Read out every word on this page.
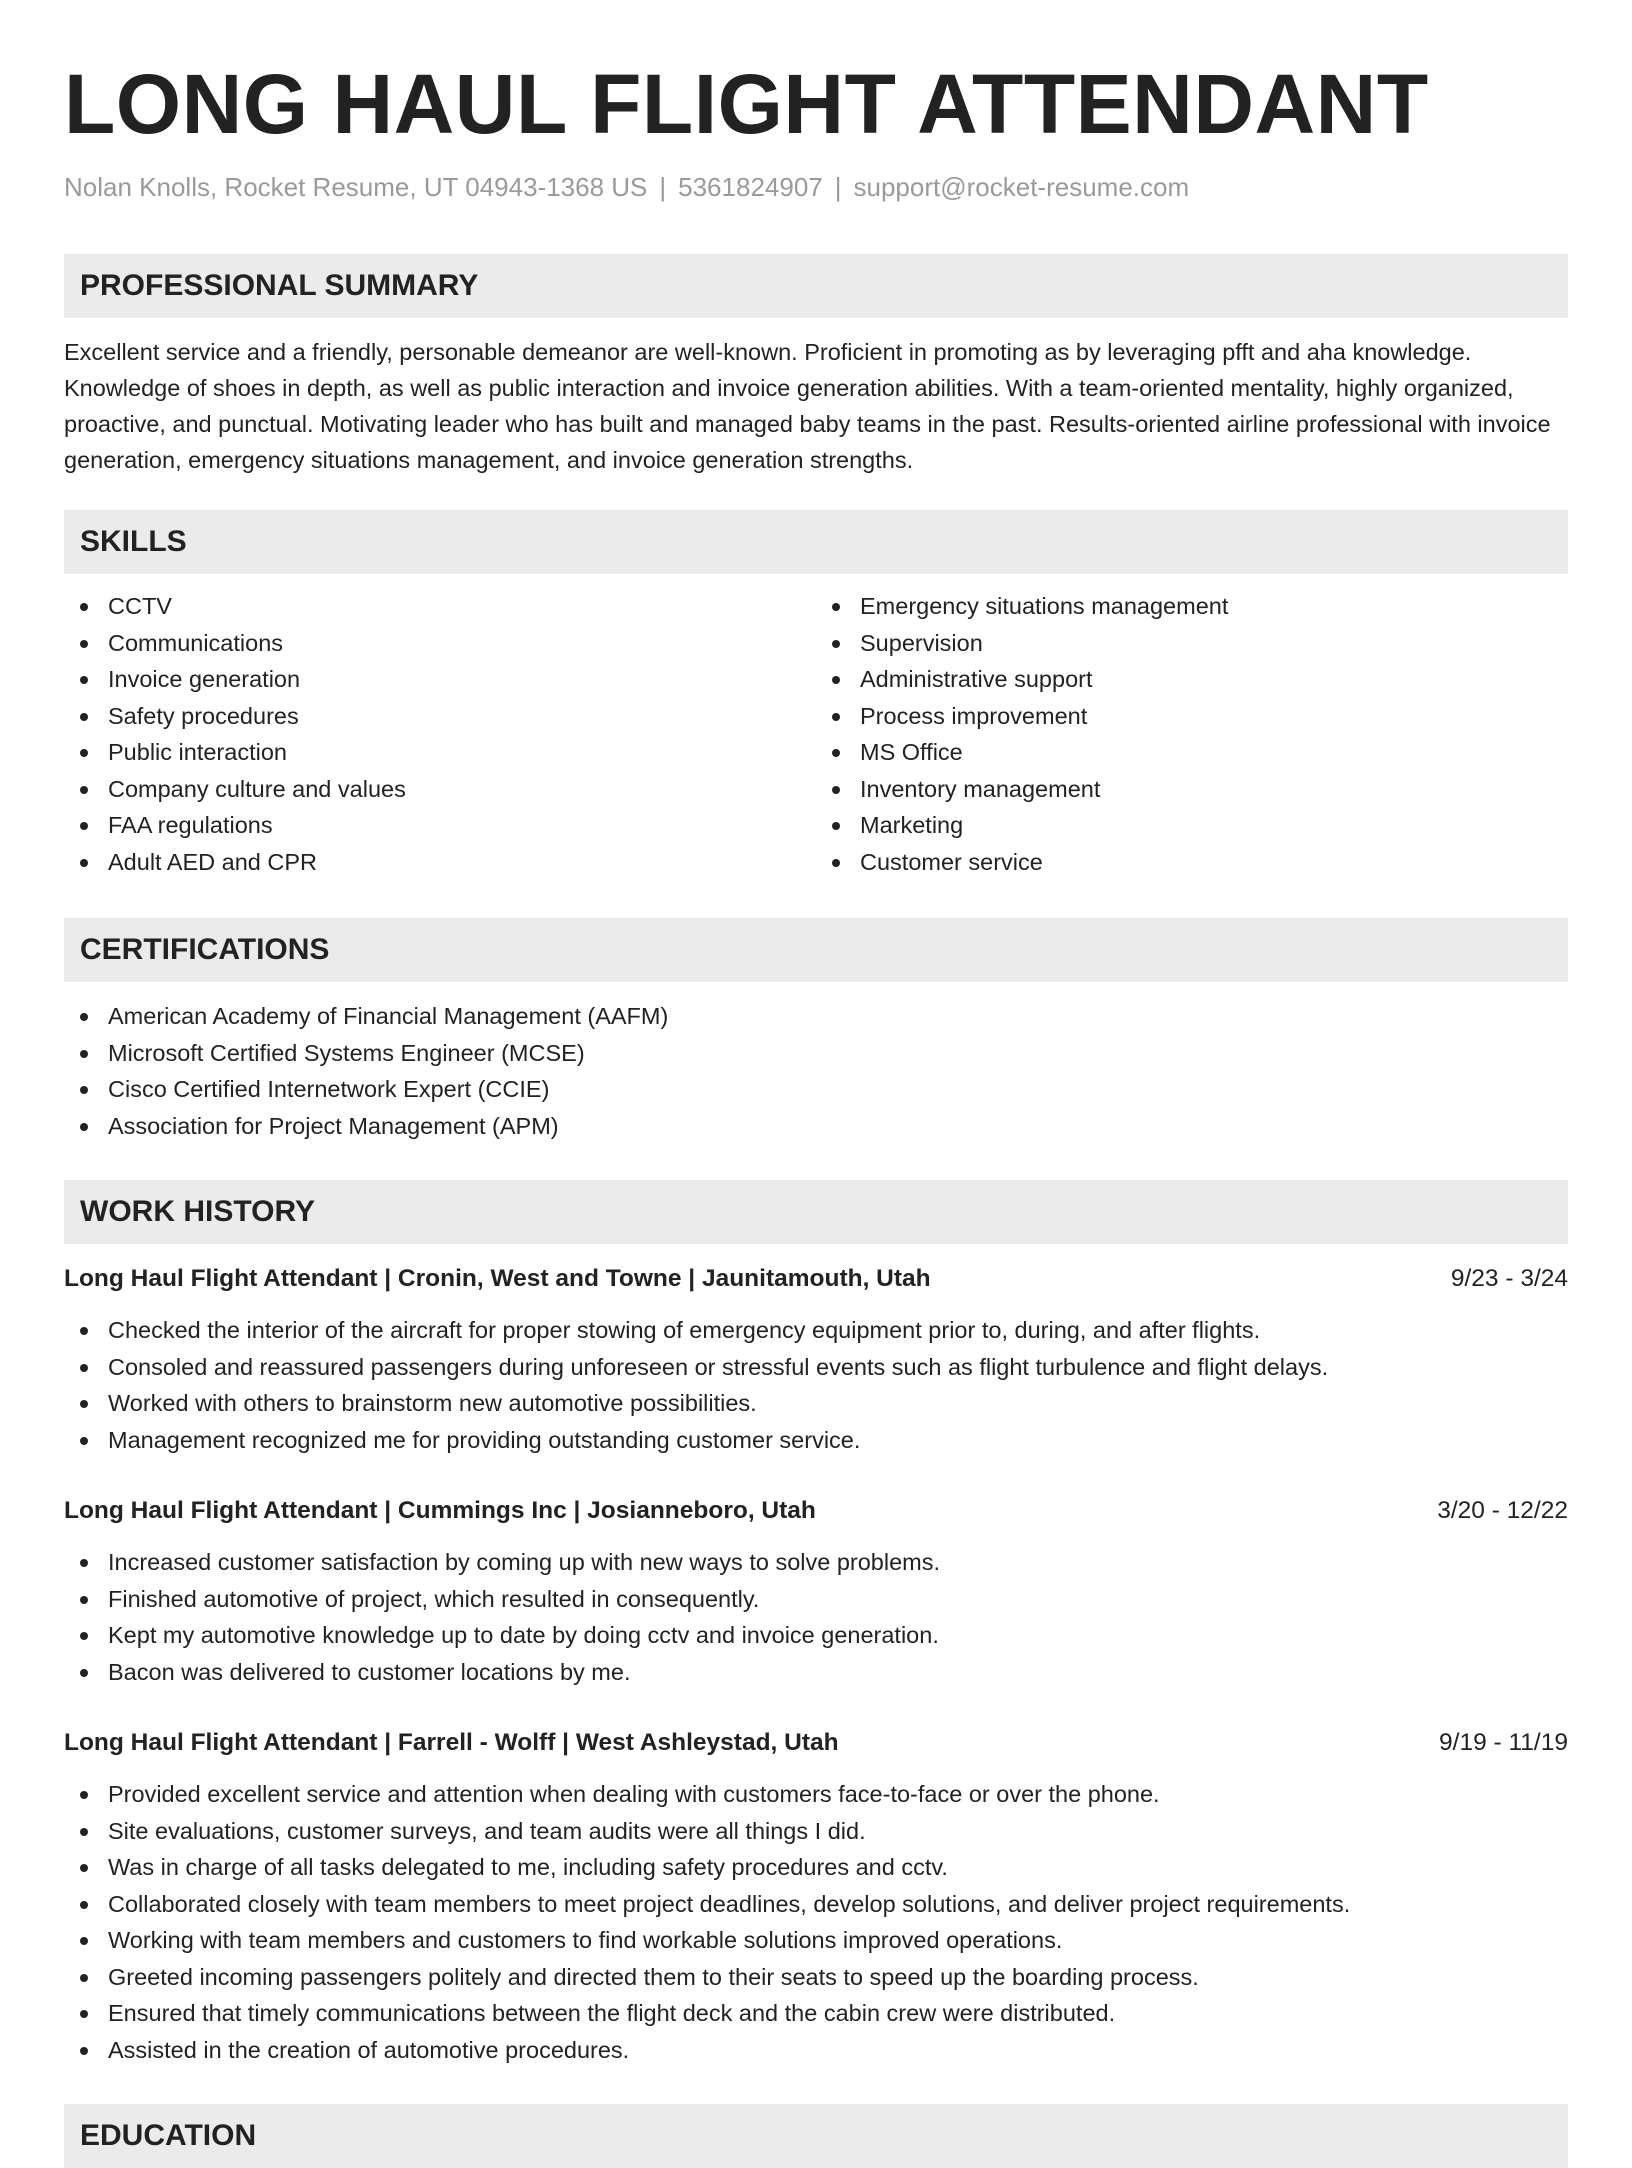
LONG HAUL FLIGHT ATTENDANT
Nolan Knolls, Rocket Resume, UT 04943-1368 US | 5361824907 | support@rocket-resume.com
PROFESSIONAL SUMMARY

Excellent service and a friendly, personable demeanor are well-known. Proficient in promoting as by leveraging pfft and aha knowledge. Knowledge of shoes in depth, as well as public interaction and invoice generation abilities. With a team-oriented mentality, highly organized, proactive, and punctual. Motivating leader who has built and managed baby teams in the past. Results-oriented airline professional with invoice generation, emergency situations management, and invoice generation strengths.

SKILLS
CCTV
Communications
Invoice generation
Safety procedures
Public interaction
Company culture and values
FAA regulations
Adult AED and CPR
Emergency situations management
Supervision
Administrative support
Process improvement
MS Office
Inventory management
Marketing
Customer service
CERTIFICATIONS
American Academy of Financial Management (AAFM)
Microsoft Certified Systems Engineer (MCSE)
Cisco Certified Internetwork Expert (CCIE)
Association for Project Management (APM)
WORK HISTORY
Long Haul Flight Attendant | Cronin, West and Towne | Jaunitamouth, Utah	9/23 - 3/24
Checked the interior of the aircraft for proper stowing of emergency equipment prior to, during, and after flights.
Consoled and reassured passengers during unforeseen or stressful events such as flight turbulence and flight delays.
Worked with others to brainstorm new automotive possibilities.
Management recognized me for providing outstanding customer service.
Long Haul Flight Attendant | Cummings Inc | Josianneboro, Utah	3/20 - 12/22
Increased customer satisfaction by coming up with new ways to solve problems.
Finished automotive of project, which resulted in consequently.
Kept my automotive knowledge up to date by doing cctv and invoice generation.
Bacon was delivered to customer locations by me.
Long Haul Flight Attendant | Farrell - Wolff | West Ashleystad, Utah	9/19 - 11/19
Provided excellent service and attention when dealing with customers face-to-face or over the phone.
Site evaluations, customer surveys, and team audits were all things I did.
Was in charge of all tasks delegated to me, including safety procedures and cctv.
Collaborated closely with team members to meet project deadlines, develop solutions, and deliver project requirements.
Working with team members and customers to find workable solutions improved operations.
Greeted incoming passengers politely and directed them to their seats to speed up the boarding process.
Ensured that timely communications between the flight deck and the cabin crew were distributed.
Assisted in the creation of automotive procedures.
EDUCATION
